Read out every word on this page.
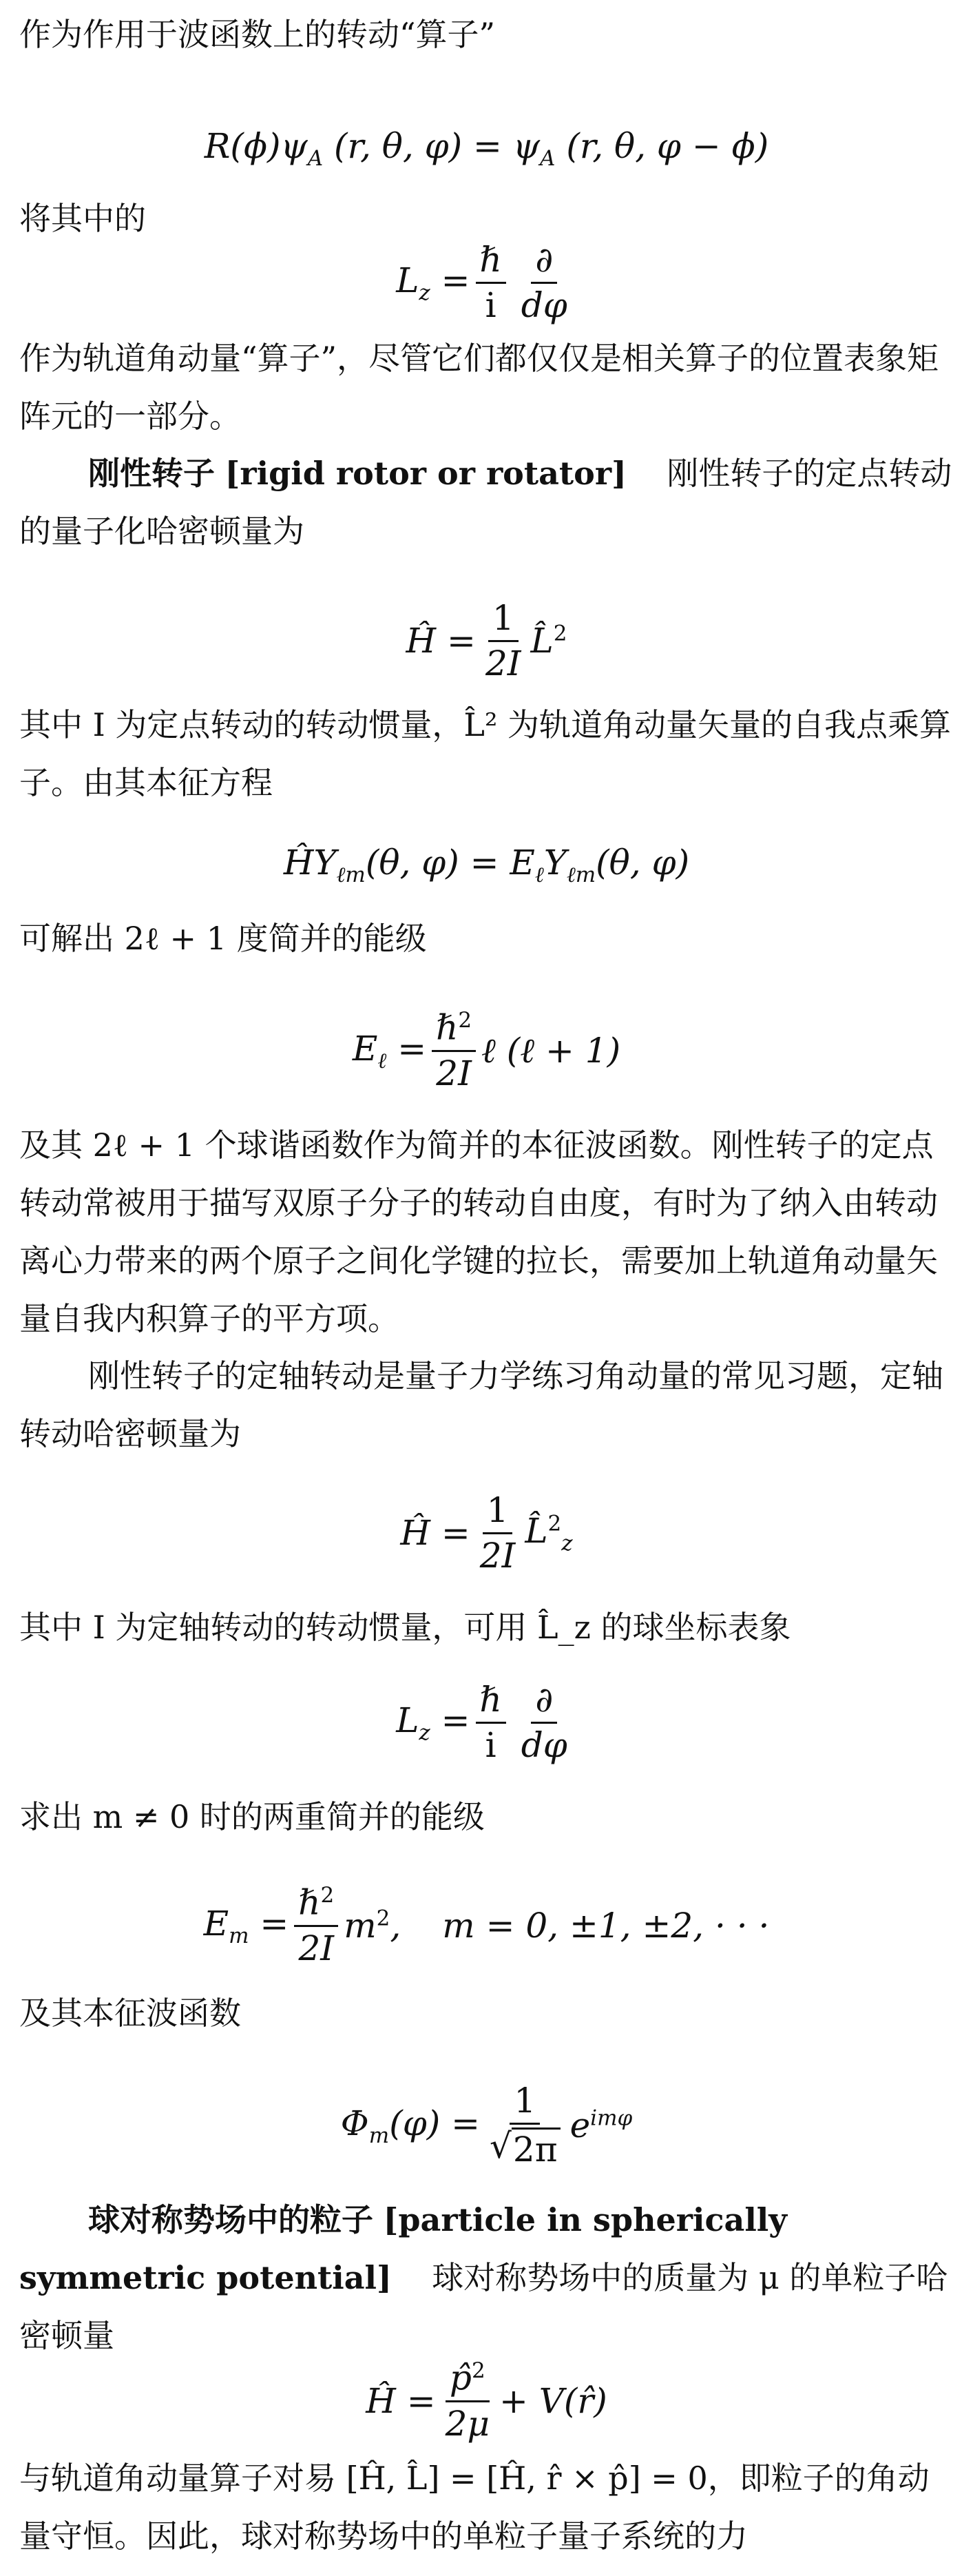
作为作用于波函数上的转动“算子”

$R(\phi)\psi_A$ (r, θ, $\varphi) = \psi_A$ (r, θ, φ − ϕ)

将其中的

$L_z = \frac{\text{ℏ}}{i} \frac{\partial}{d\varphi}$

作为轨道角动量“算子”，尽管它们都仅仅是相关算子的位置表象矩阵元的一部分。

刚性转子 [rigid rotor or rotator] 刚性转子的定点转动的量子化哈密顿量为

Ĥ = $\frac{1}{2I}$ L̂$^2$

其中 I 为定点转动的转动惯量，L̂² 为轨道角动量矢量的自我点乘算子。由其本征方程

$ĤY_{\ell m}(\theta$, $\varphi) = E_\ell Y_{\ell m}(\theta$, φ)

可解出 2ℓ + 1 度简并的能级

$E_\ell = \frac{\hbar^2}{2I}$ ℓ (ℓ + 1)

及其 2ℓ + 1 个球谐函数作为简并的本征波函数。刚性转子的定点转动常被用于描写双原子分子的转动自由度，有时为了纳入由转动离心力带来的两个原子之间化学键的拉长，需要加上轨道角动量矢量自我内积算子的平方项。

刚性转子的定轴转动是量子力学练习角动量的常见习题，定轴转动哈密顿量为

Ĥ = $\frac{1}{2I}$ L̂$^2_z$

其中 I 为定轴转动的转动惯量，可用 L̂_z 的球坐标表象

$L_z = \frac{\text{ℏ}}{i} \frac{\partial}{d\varphi}$

求出 m ≠ 0 时的两重简并的能级

$E_m = \frac{\hbar^2}{2I} m^2$, m = 0, ±1, ±2, · · ·

及其本征波函数

$\Phi_m(\varphi) = \frac{1}{√ 2\pi} e^{im\varphi}$

球对称势场中的粒子 [particle in spherically symmetric potential] 球对称势场中的质量为 μ 的单粒子哈密顿量

Ĥ = $\frac{p̂^2}{2\mu}$ + V(r̂)

与轨道角动量算子对易 [Ĥ, L̂] = [Ĥ, r̂ × p̂] = 0，即粒子的角动量守恒。因此，球对称势场中的单粒子量子系统的力
